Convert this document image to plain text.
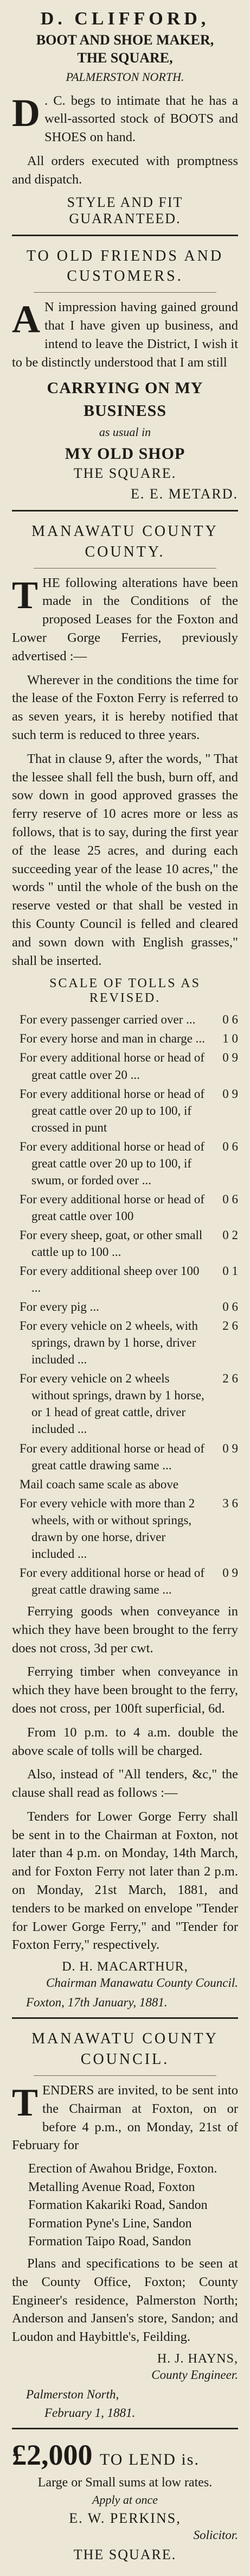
D. CLIFFORD,
BOOT AND SHOE MAKER,
THE SQUARE,
PALMERSTON NORTH.

D . C. begs to intimate that he has a well-assorted stock of BOOTS and SHOES on hand.

All orders executed with promptness and dispatch.

STYLE AND FIT GUARANTEED.
TO OLD FRIENDS AND CUSTOMERS.

A N impression having gained ground that I have given up business, and intend to leave the District, I wish it to be distinctly understood that I am still

CARRYING ON MY BUSINESS
as usual in
MY OLD SHOP
THE SQUARE.
E. E. METARD.
MANAWATU COUNTY COUNTY.

T HE following alterations have been made in the Conditions of the proposed Leases for the Foxton and Lower Gorge Ferries, previously advertised :—

Wherever in the conditions the time for the lease of the Foxton Ferry is referred to as seven years, it is hereby notified that such term is reduced to three years.

That in clause 9, after the words, " That the lessee shall fell the bush, burn off, and sow down in good approved grasses the ferry reserve of 10 acres more or less as follows, that is to say, during the first year of the lease 25 acres, and during each succeeding year of the lease 10 acres," the words " until the whole of the bush on the reserve vested or that shall be vested in this County Council is felled and cleared and sown down with English grasses," shall be inserted.

SCALE OF TOLLS AS REVISED.
For every passenger carried over ...	0 6
For every horse and man in charge ...	1 0
For every additional horse or head of great cattle over 20 ...
0 9
For every additional horse or head of great cattle over 20 up to 100, if crossed in punt
0 9
For every additional horse or head of great cattle over 20 up to 100, if swum, or forded over ...
0 6
For every additional horse or head of great cattle over 100
0 6
For every sheep, goat, or other small cattle up to 100 ...
0 2
For every additional sheep over 100 ...
0 1
For every pig ...	0 6
For every vehicle on 2 wheels, with springs, drawn by 1 horse, driver included ...
2 6
For every vehicle on 2 wheels without springs, drawn by 1 horse, or 1 head of great cattle, driver included ...
2 6
For every additional horse or head of great cattle drawing same ...
0 9
Mail coach same scale as above
For every vehicle with more than 2 wheels, with or without springs, drawn by one horse, driver included ...
3 6
For every additional horse or head of great cattle drawing same ...
0 9

Ferrying goods when conveyance in which they have been brought to the ferry does not cross, 3d per cwt.

Ferrying timber when conveyance in which they have been brought to the ferry, does not cross, per 100ft superficial, 6d.

From 10 p.m. to 4 a.m. double the above scale of tolls will be charged.

Also, instead of "All tenders, &c," the clause shall read as follows :—

Tenders for Lower Gorge Ferry shall be sent in to the Chairman at Foxton, not later than 4 p.m. on Monday, 14th March, and for Foxton Ferry not later than 2 p.m. on Monday, 21st March, 1881, and tenders to be marked on envelope "Tender for Lower Gorge Ferry," and "Tender for Foxton Ferry," respectively.

D. H. MACARTHUR,
Chairman Manawatu County Council.
Foxton, 17th January, 1881.
MANAWATU COUNTY COUNCIL.

T ENDERS are invited, to be sent into the Chairman at Foxton, on or before 4 p.m., on Monday, 21st of February for

Erection of Awahou Bridge, Foxton.
Metalling Avenue Road, Foxton
Formation Kakariki Road, Sandon
Formation Pyne's Line, Sandon
Formation Taipo Road, Sandon

Plans and specifications to be seen at the County Office, Foxton; County Engineer's residence, Palmerston North; Anderson and Jansen's store, Sandon; and Loudon and Haybittle's, Feilding.

H. J. HAYNS,
County Engineer.
Palmerston North,
February 1, 1881.
£2,000 TO LEND is.
Large or Small sums at low rates.
Apply at once
E. W. PERKINS,
Solicitor.
THE SQUARE.
